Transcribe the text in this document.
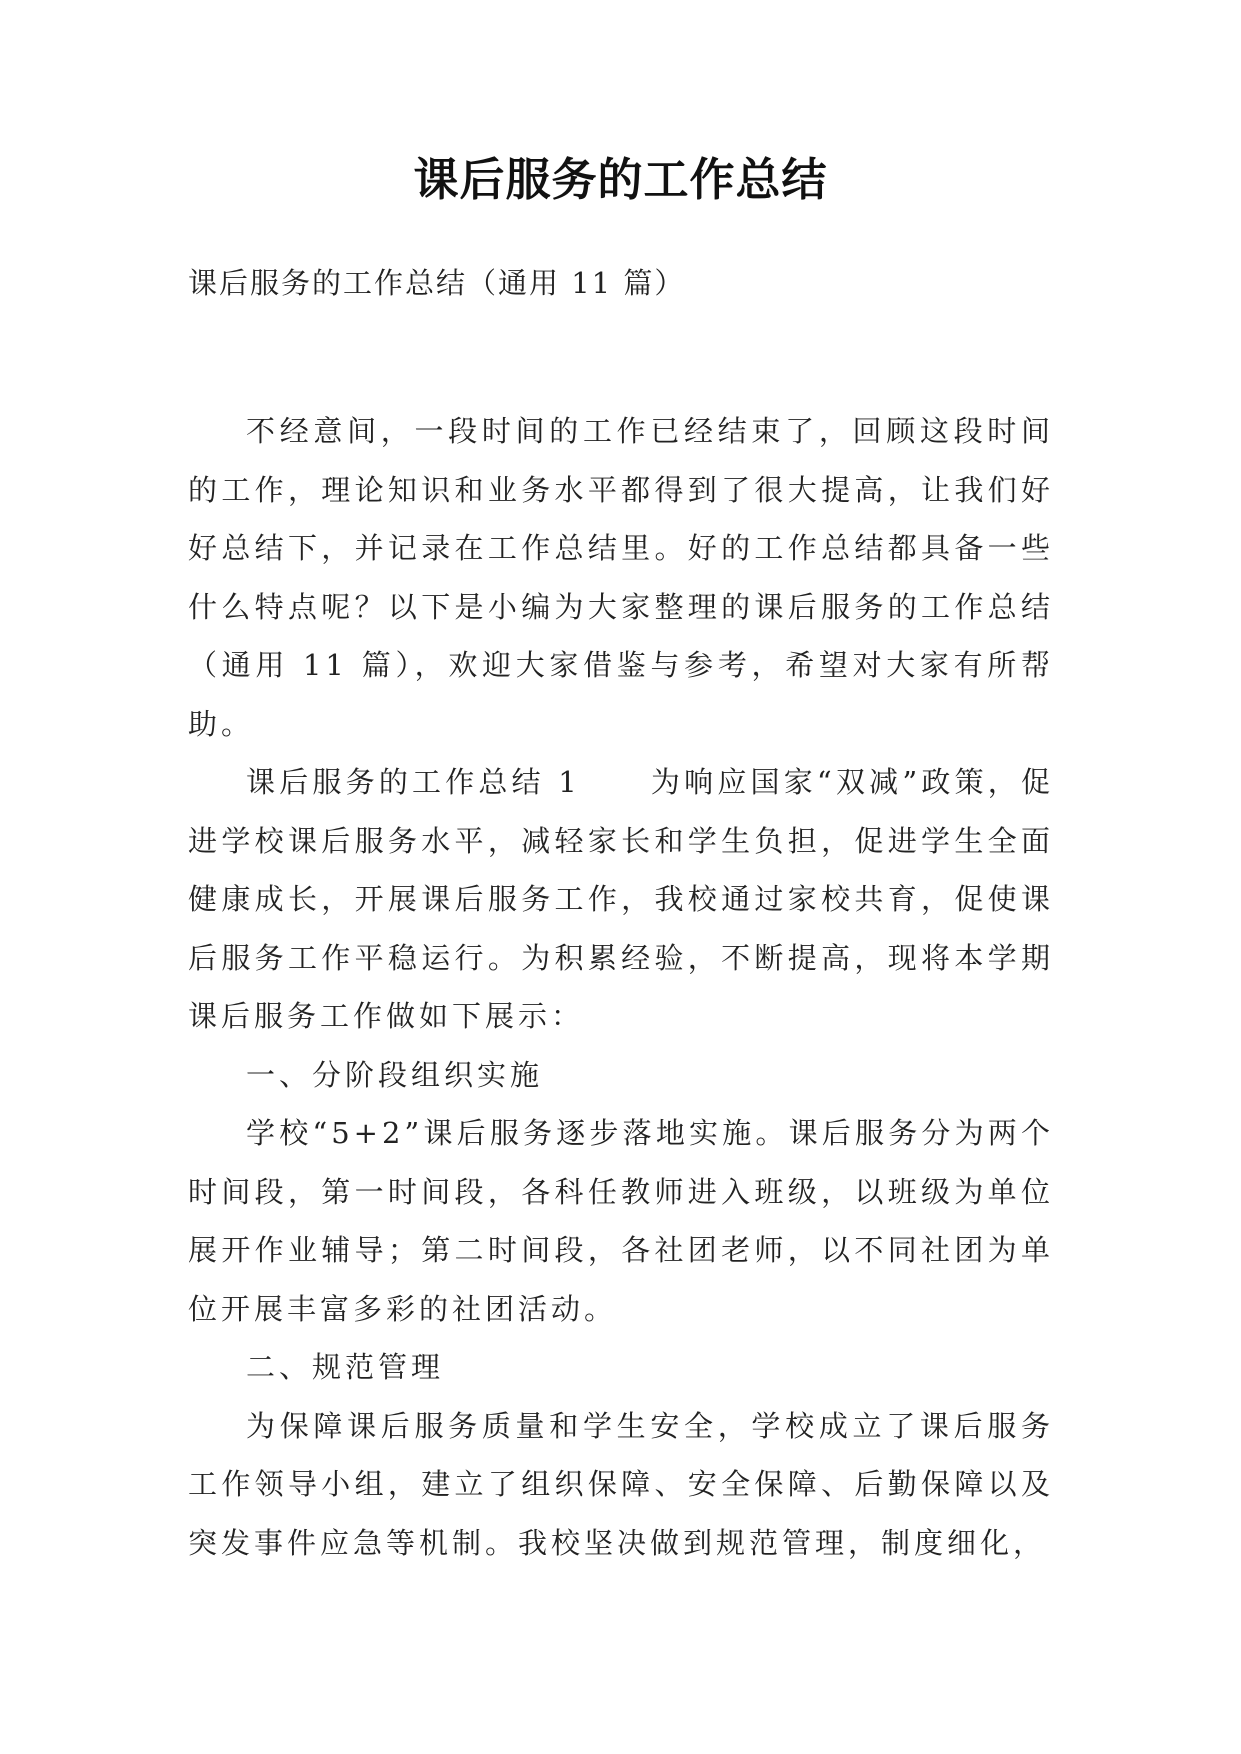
课后服务的工作总结
课后服务的工作总结（通用 11 篇）

不经意间，一段时间的工作已经结束了，回顾这段时间的工作，理论知识和业务水平都得到了很大提高，让我们好好总结下，并记录在工作总结里。好的工作总结都具备一些什么特点呢？以下是小编为大家整理的课后服务的工作总结（通用 11 篇），欢迎大家借鉴与参考，希望对大家有所帮助。

课后服务的工作总结 1 为响应国家“双减”政策，促进学校课后服务水平，减轻家长和学生负担，促进学生全面健康成长，开展课后服务工作，我校通过家校共育，促使课后服务工作平稳运行。为积累经验，不断提高，现将本学期课后服务工作做如下展示：

一、分阶段组织实施

学校“5+2”课后服务逐步落地实施。课后服务分为两个时间段，第一时间段，各科任教师进入班级，以班级为单位展开作业辅导；第二时间段，各社团老师，以不同社团为单位开展丰富多彩的社团活动。

二、规范管理

为保障课后服务质量和学生安全，学校成立了课后服务工作领导小组，建立了组织保障、安全保障、后勤保障以及突发事件应急等机制。我校坚决做到规范管理，制度细化，
